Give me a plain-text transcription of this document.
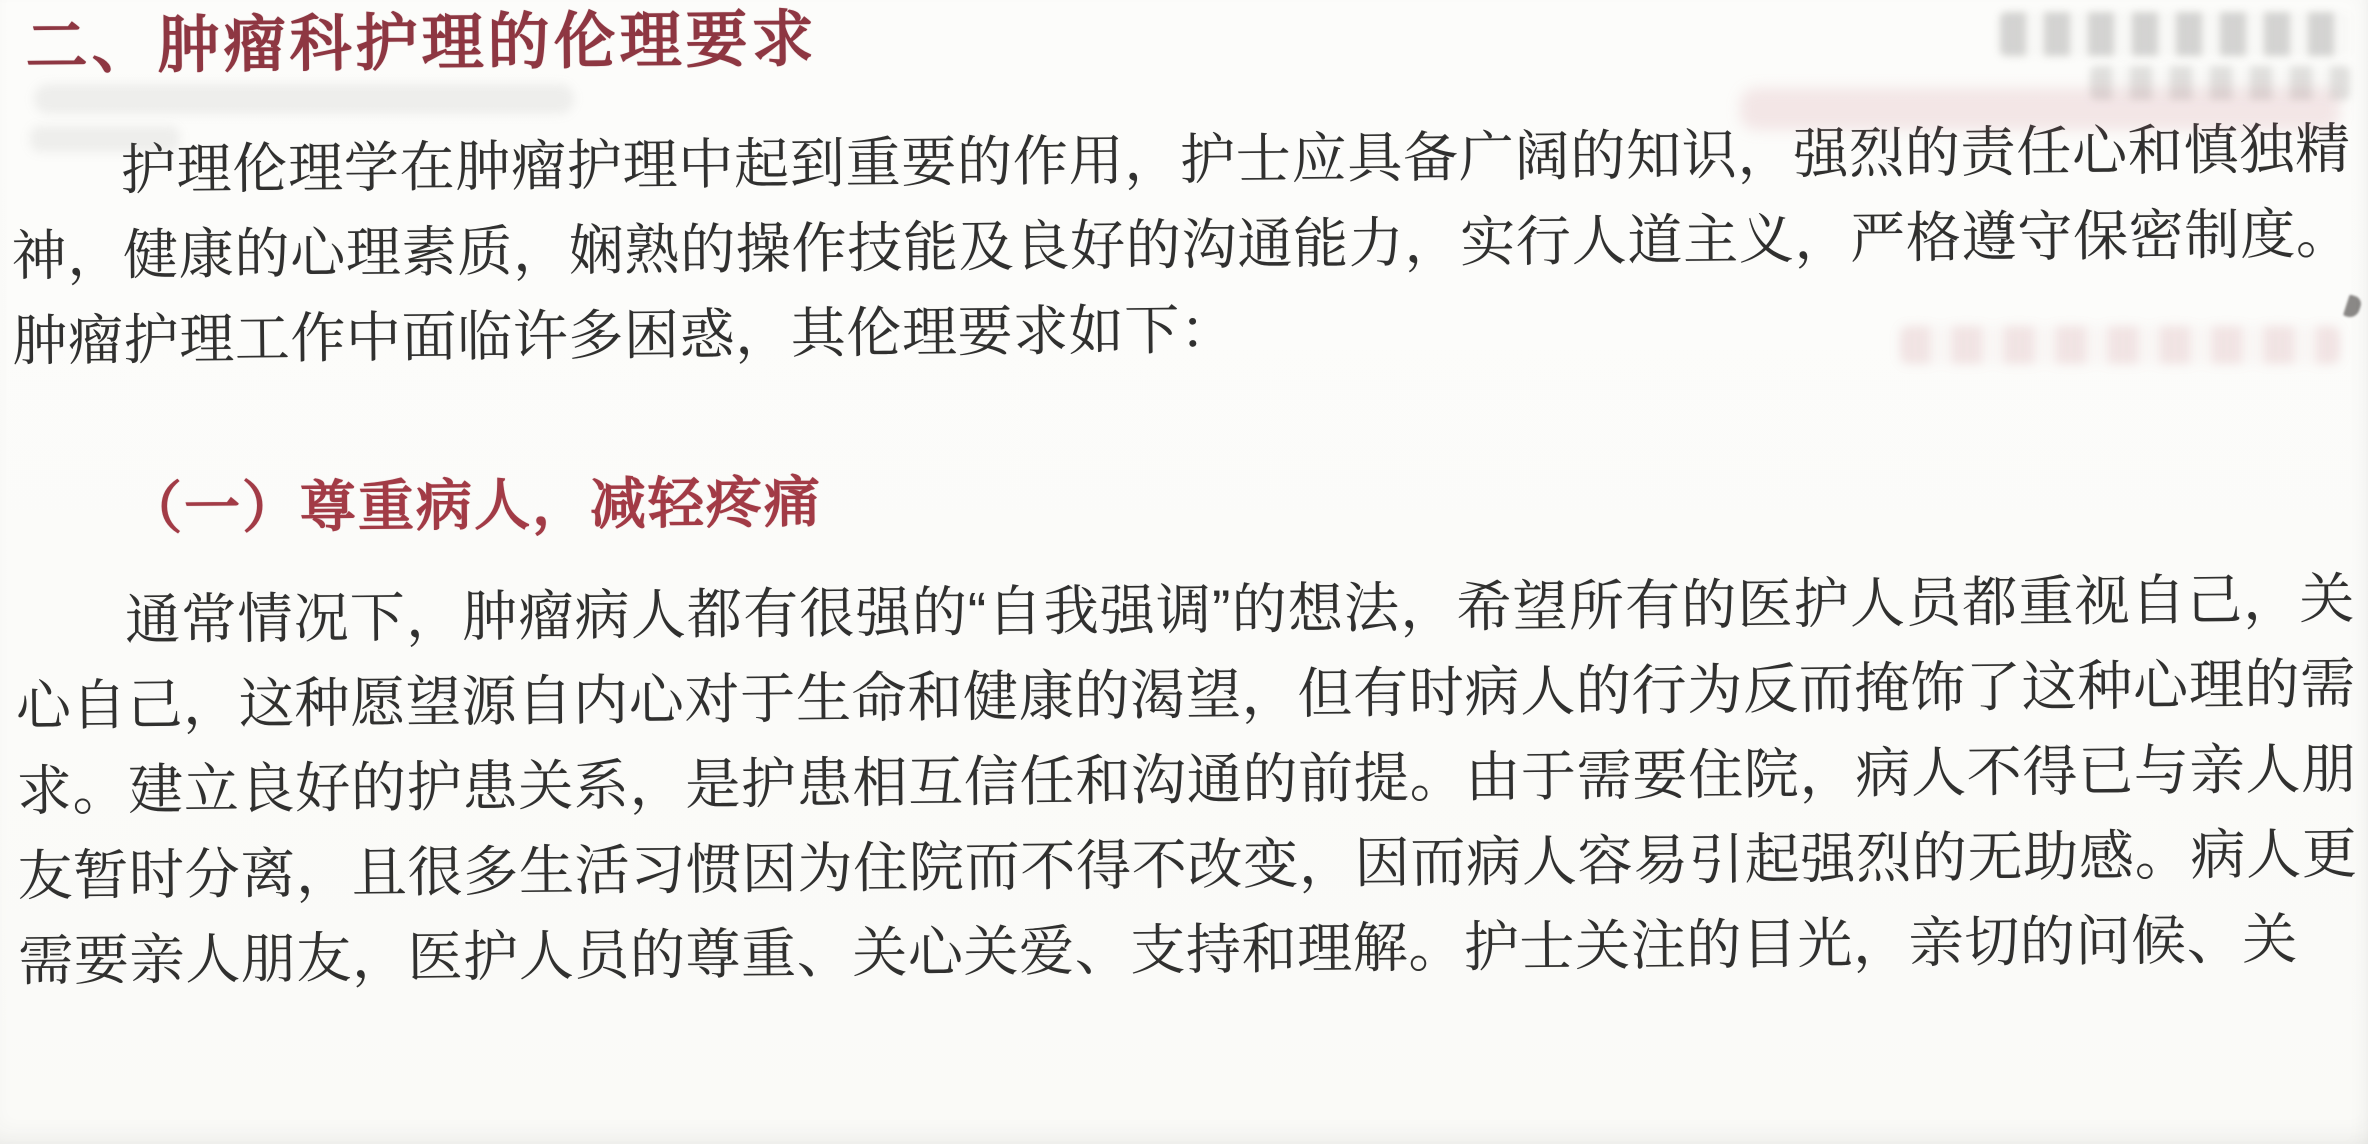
二、肿瘤科护理的伦理要求

护理伦理学在肿瘤护理中起到重要的作用，护士应具备广阔的知识，强烈的责任心和慎独精神，健康的心理素质，娴熟的操作技能及良好的沟通能力，实行人道主义，严格遵守保密制度。肿瘤护理工作中面临许多困惑，其伦理要求如下：

（一）尊重病人，减轻疼痛

通常情况下，肿瘤病人都有很强的“自我强调”的想法，希望所有的医护人员都重视自己，关心自己，这种愿望源自内心对于生命和健康的渴望，但有时病人的行为反而掩饰了这种心理的需求。建立良好的护患关系，是护患相互信任和沟通的前提。由于需要住院，病人不得已与亲人朋友暂时分离，且很多生活习惯因为住院而不得不改变，因而病人容易引起强烈的无助感。病人更需要亲人朋友，医护人员的尊重、关心关爱、支持和理解。护士关注的目光，亲切的问候、关
